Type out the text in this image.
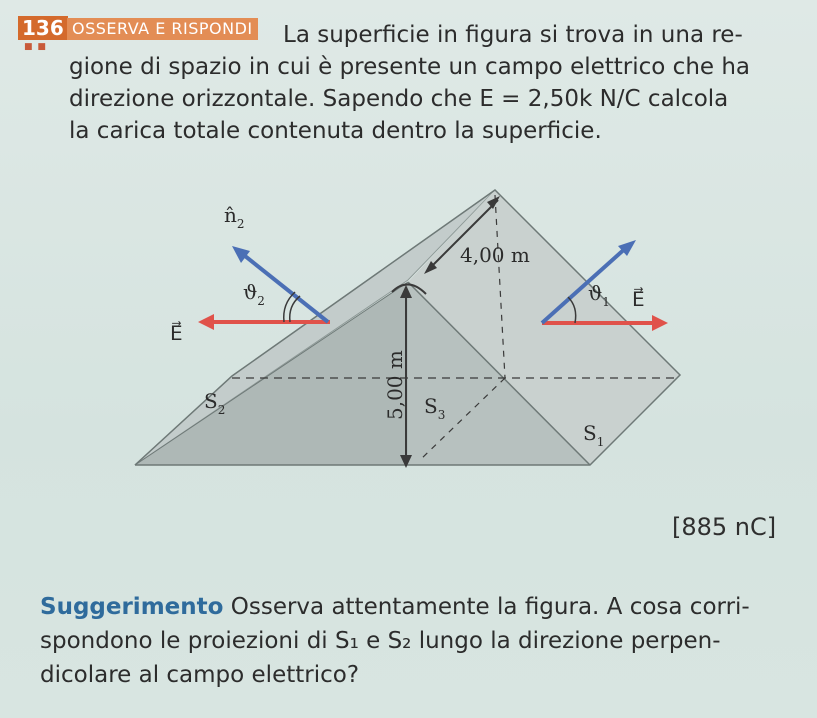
136
■ ■
OSSERVA E RISPONDI	La superficie in figura si trova in una re-
gione di spazio in cui è presente un campo elettrico che ha
direzione orizzontale. Sapendo che E = 2,50k N/C calcola
la carica totale contenuta dentro la superficie.
$n̂_2$
$ϑ_2$
E⃗
$S_2$
4,00 m
5,00 m $S_3$
$ϑ_1$ E⃗
$S_1$
[885 nC]
Suggerimento Osserva attentamente la figura. A cosa corri-
spondono le proiezioni di S₁ e S₂ lungo la direzione perpen-
dicolare al campo elettrico?
